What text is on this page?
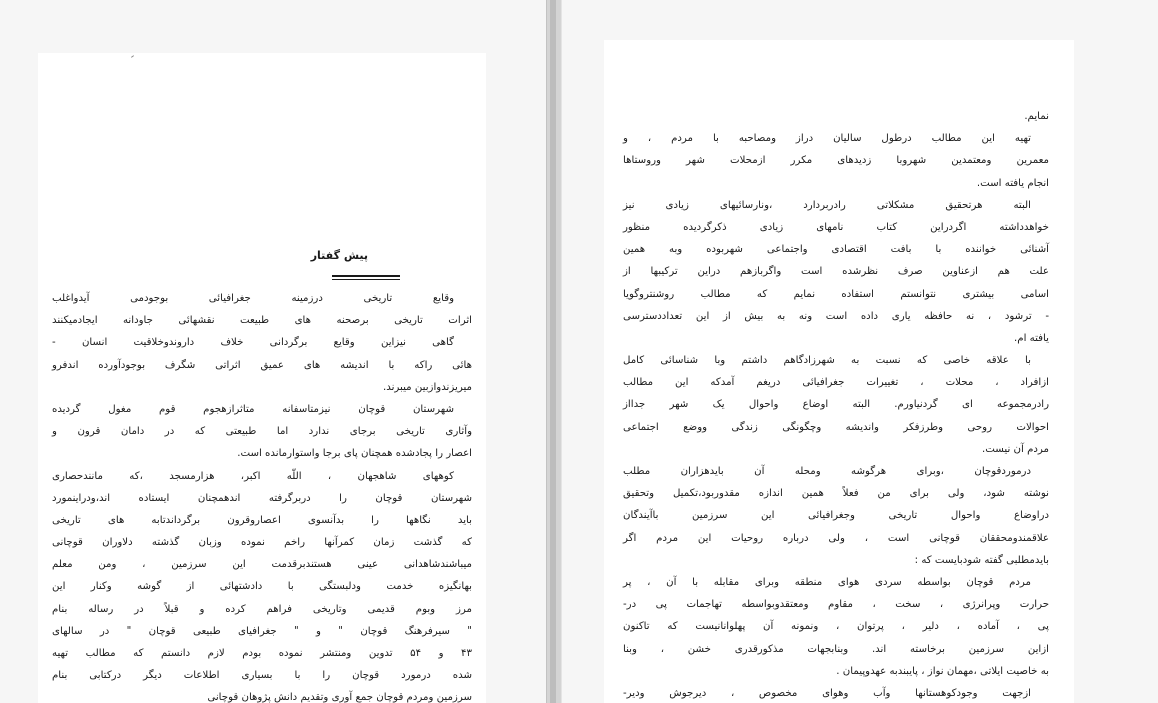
پیش گفتار
وقایع تاریخی درزمینه جغرافیائی بوجودمی آیدواغلب
اثرات تاریخی برصحنه های طبیعت نقشهائی جاودانه ایجادمیکنند
گاهی نیزاین وقایع برگردانی خلاف داروندوخلاقیت انسان -
هائی راکه با اندیشه های عمیق اثراتی شگرف بوجودآورده اندفرو
میریزندوازبین میبرند.
شهرستان قوچان نیزمتاسفانه متاثرازهجوم قوم مغول گردیده
وآثاری تاریخی برجای ندارد اما طبیعتی که در دامان قرون و
اعصار را پجادشده همچنان پای برجا واستوارمانده است.
کوههای شاهجهان ، اللّه اکبر، هزارمسجد ،که مانندحصاری
شهرستان قوچان را دربرگرفته اندهمچنان ایستاده اند،ودراینمورد
باید نگاهها را بدآنسوی اعصاروقرون برگرداندتابه های تاریخی
که گذشت زمان کمرآنها راخم نموده وزبان گذشته دلاوران قوچانی
میباشندشاهدانی عینی هستندبرقدمت این سرزمین ، ومن معلم
بهانگیزه خدمت ودلبستگی با دادشتهائی از گوشه وکنار این
مرز وبوم قدیمی وتاریخی فراهم کرده و قبلاً در رساله بنام
" سیرفرهنگ قوچان " و " جغرافیای طبیعی قوچان " در سالهای
۴۳ و ۵۴ تدوین ومنتشر نموده بودم لازم دانستم که مطالب تهیه
شده درمورد قوچان را با بسیاری اطلاعات دیگر درکتابی بنام
سرزمین ومردم قوچان جمع آوری وتقدیم دانش پژوهان قوچانی
نمایم.
تهیه این مطالب درطول سالیان دراز ومصاحبه با مردم ، و
معمرین ومعتمدین شهروبا زدیدهای مکرر ازمحلات شهر وروستاها
انجام یافته است.
البته هرتحقیق مشکلاتی رادربردارد ،ونارسائیهای زیادی نیز
خواهدداشته اگردراین کتاب نامهای زیادی ذکرگردیده منظور
آشنائی خواننده با بافت اقتصادی واجتماعی شهربوده وبه همین
علت هم ازعناوین صرف نظرشده است واگربازهم دراین ترکیبها از
اسامی بیشتری نتوانستم استفاده نمایم که مطالب روشنتروگویا
- ترشود ، نه حافظه یاری داده است ونه به بیش از این تعداددسترسی
یافته ام.
با علاقه خاصی که نسبت به شهرزادگاهم داشتم وبا شناسائی کامل
ازافراد ، محلات ، تغییرات جغرافیائی دریغم آمدکه این مطالب
رادرمجموعه ای گردنیاورم. البته اوضاع واحوال یک شهر جدااز
احوالات روحی وطرزفکر واندیشه وچگونگی زندگی ووضع اجتماعی
مردم آن نیست.
درموردقوچان ،وبرای هرگوشه ومحله آن بایدهزاران مطلب
نوشته شود، ولی برای من فعلاً همین اندازه مقدوربود،تکمیل وتحقیق
دراوضاع واحوال تاریخی وجغرافیائی این سرزمین باآیندگان
علاقمندومحققان قوچانی است ، ولی درباره روحیات این مردم اگر
بایدمطلبی گفته شودبایست که :
مردم قوچان بواسطه سردی هوای منطقه وبرای مقابله با آن ، پر
حرارت وپرانرژی ، سخت ، مقاوم ومعتقدوبواسطه تهاجمات پی در-
پی ، آماده ، دلیر ، پرتوان ، ونمونه آن پهلوانانیست که تاکنون
ازاین سرزمین برخاسته اند. وبنابجهات مذکورقدری خشن ، وبنا
به خاصیت ایلاتی ،مهمان نواز ، پایبندبه عهدوپیمان .
ازجهت وجودکوهستانها وآب وهوای مخصوص ، دیرجوش ودیر-
